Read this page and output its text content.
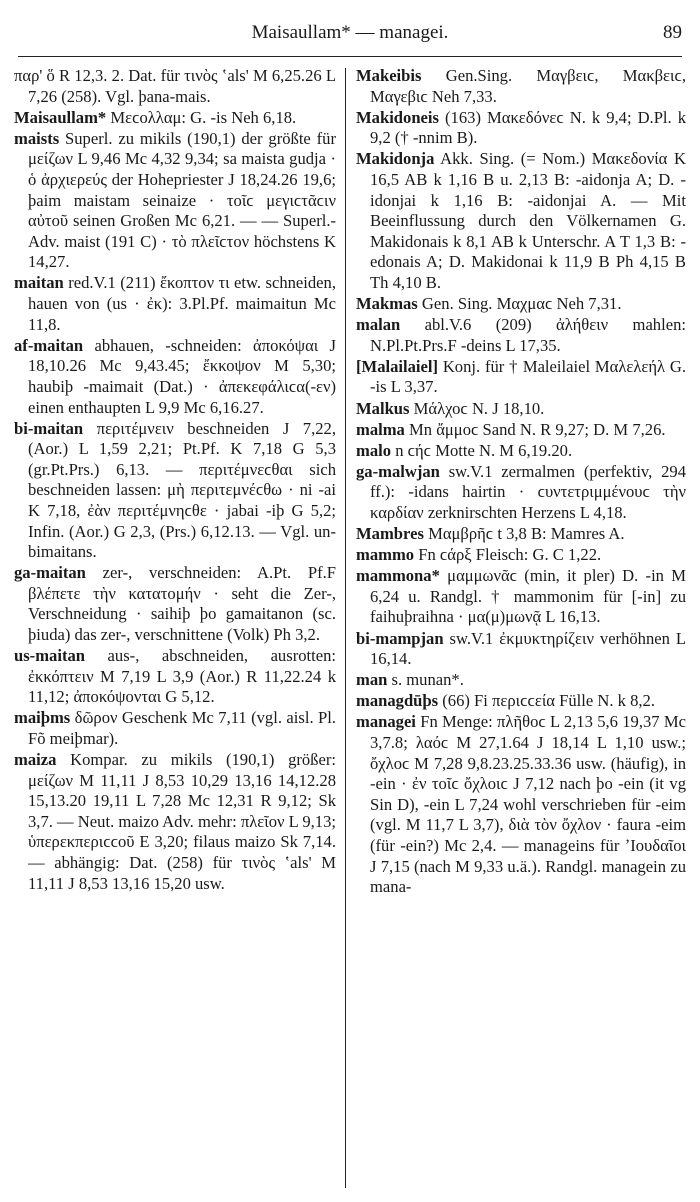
Maisaullam* — managei.	89

παρ' ὅ R 12,3. 2. Dat. für τινὸς ʽals' M 6,25.26 L 7,26 (258). Vgl. þana-mais.

Maisaullam* Μεϲολλαμ: G. -is Neh 6,18.

maists Superl. zu mikils (190,1) der größte für μείζων L 9,46 Mc 4,32 9,34; sa maista gudja · ὁ ἀρχιερεύς der Hohepriester J 18,24.26 19,6; þaim maistam seinaize · τοῖϲ μεγιϲτᾶϲιν αὐτοῦ seinen Großen Mc 6,21. — — Superl.-Adv. maist (191 C) · τὸ πλεῖϲτον höchstens K 14,27.

maitan red.V.1 (211) ἔκοπτον τι etw. schneiden, hauen von (us · ἐκ): 3.Pl.Pf. maimaitun Mc 11,8.

af-maitan abhauen, -schneiden: ἀποκόψαι J 18,10.26 Mc 9,43.45; ἔκκοψον M 5,30; haubiþ -maimait (Dat.) · ἀπεκεφάλιϲα(-εν) einen enthaupten L 9,9 Mc 6,16.27.

bi-maitan περιτέμνειν beschneiden J 7,22, (Aor.) L 1,59 2,21; Pt.Pf. K 7,18 G 5,3 (gr.Pt.Prs.) 6,13. — περιτέμνεϲθαι sich beschneiden lassen: μὴ περιτεμνέϲθω · ni -ai K 7,18, ἐὰν περιτέμνηϲθε · jabai -iþ G 5,2; Infin. (Aor.) G 2,3, (Prs.) 6,12.13. — Vgl. un-bimaitans.

ga-maitan zer-, verschneiden: A.Pt. Pf.F βλέπετε τὴν κατατομήν · seht die Zer-, Verschneidung · saihiþ þo gamaitanon (sc. þiuda) das zer-, verschnittene (Volk) Ph 3,2.

us-maitan aus-, abschneiden, ausrotten: ἐκκόπτειν M 7,19 L 3,9 (Aor.) R 11,22.24 k 11,12; ἀποκόψονται G 5,12.

maiþms δῶρον Geschenk Mc 7,11 (vgl. aisl. Pl. Fõ meiþmar).

maiza Kompar. zu mikils (190,1) größer: μείζων M 11,11 J 8,53 10,29 13,16 14,12.28 15,13.20 19,11 L 7,28 Mc 12,31 R 9,12; Sk 3,7. — Neut. maizo Adv. mehr: πλεῖον L 9,13; ὑπερεκπεριϲϲοῦ E 3,20; filaus maizo Sk 7,14. — abhängig: Dat. (258) für τινὸς ʽals' M 11,11 J 8,53 13,16 15,20 usw.

Makeibis Gen.Sing. Μαγβειϲ, Μακβειϲ, Μαγεβιϲ Neh 7,33.

Makidoneis (163) Μακεδόνεϲ N. k 9,4; D.Pl. k 9,2 († -nnim B).

Makidonja Akk. Sing. (= Nom.) Μακεδονία K 16,5 AB k 1,16 B u. 2,13 B: -aidonja A; D. -idonjai k 1,16 B: -aidonjai A. — Mit Beeinflussung durch den Völkernamen G. Makidonais k 8,1 AB k Unterschr. A T 1,3 B: -edonais A; D. Makidonai k 11,9 B Ph 4,15 B Th 4,10 B.

Makmas Gen. Sing. Μαχμαϲ Neh 7,31.

malan abl.V.6 (209) ἀλήθειν mahlen: N.Pl.Pt.Prs.F -deins L 17,35.

[Malailaiel] Konj. für † Maleilaiel Μαλελεήλ G. -is L 3,37.

Malkus Μάλχοϲ N. J 18,10.

malma Mn ἄμμοϲ Sand N. R 9,27; D. M 7,26.

malo n ϲήϲ Motte N. M 6,19.20.

ga-malwjan sw.V.1 zermalmen (perfektiv, 294 ff.): -idans hairtin · ϲυντετριμμένουϲ τὴν καρδίαν zerknirschten Herzens L 4,18.

Mambres Μαμβρῆϲ t 3,8 B: Mamres A.

mammo Fn ϲάρξ Fleisch: G. C 1,22.

mammona* μαμμωνᾶϲ (min, it pler) D. -in M 6,24 u. Randgl. † mammonim für [-in] zu faihuþraihna · μα(μ)μωνᾷ L 16,13.

bi-mampjan sw.V.1 ἐκμυκτηρίζειν verhöhnen L 16,14.

man s. munan*.

managdūþs (66) Fi περιϲϲεία Fülle N. k 8,2.

managei Fn Menge: πλῆθοϲ L 2,13 5,6 19,37 Mc 3,7.8; λαόϲ M 27,1.64 J 18,14 L 1,10 usw.; ὄχλοϲ M 7,28 9,8.23.25.33.36 usw. (häufig), in -ein · ἐν τοῖϲ ὄχλοιϲ J 7,12 nach þo -ein (it vg Sin D), -ein L 7,24 wohl verschrieben für -eim (vgl. M 11,7 L 3,7), διὰ τὸν ὄχλον · faura -eim (für -ein?) Mc 2,4. — manageins für ʼΙουδαῖοι J 7,15 (nach M 9,33 u.ä.). Randgl. managein zu mana-
